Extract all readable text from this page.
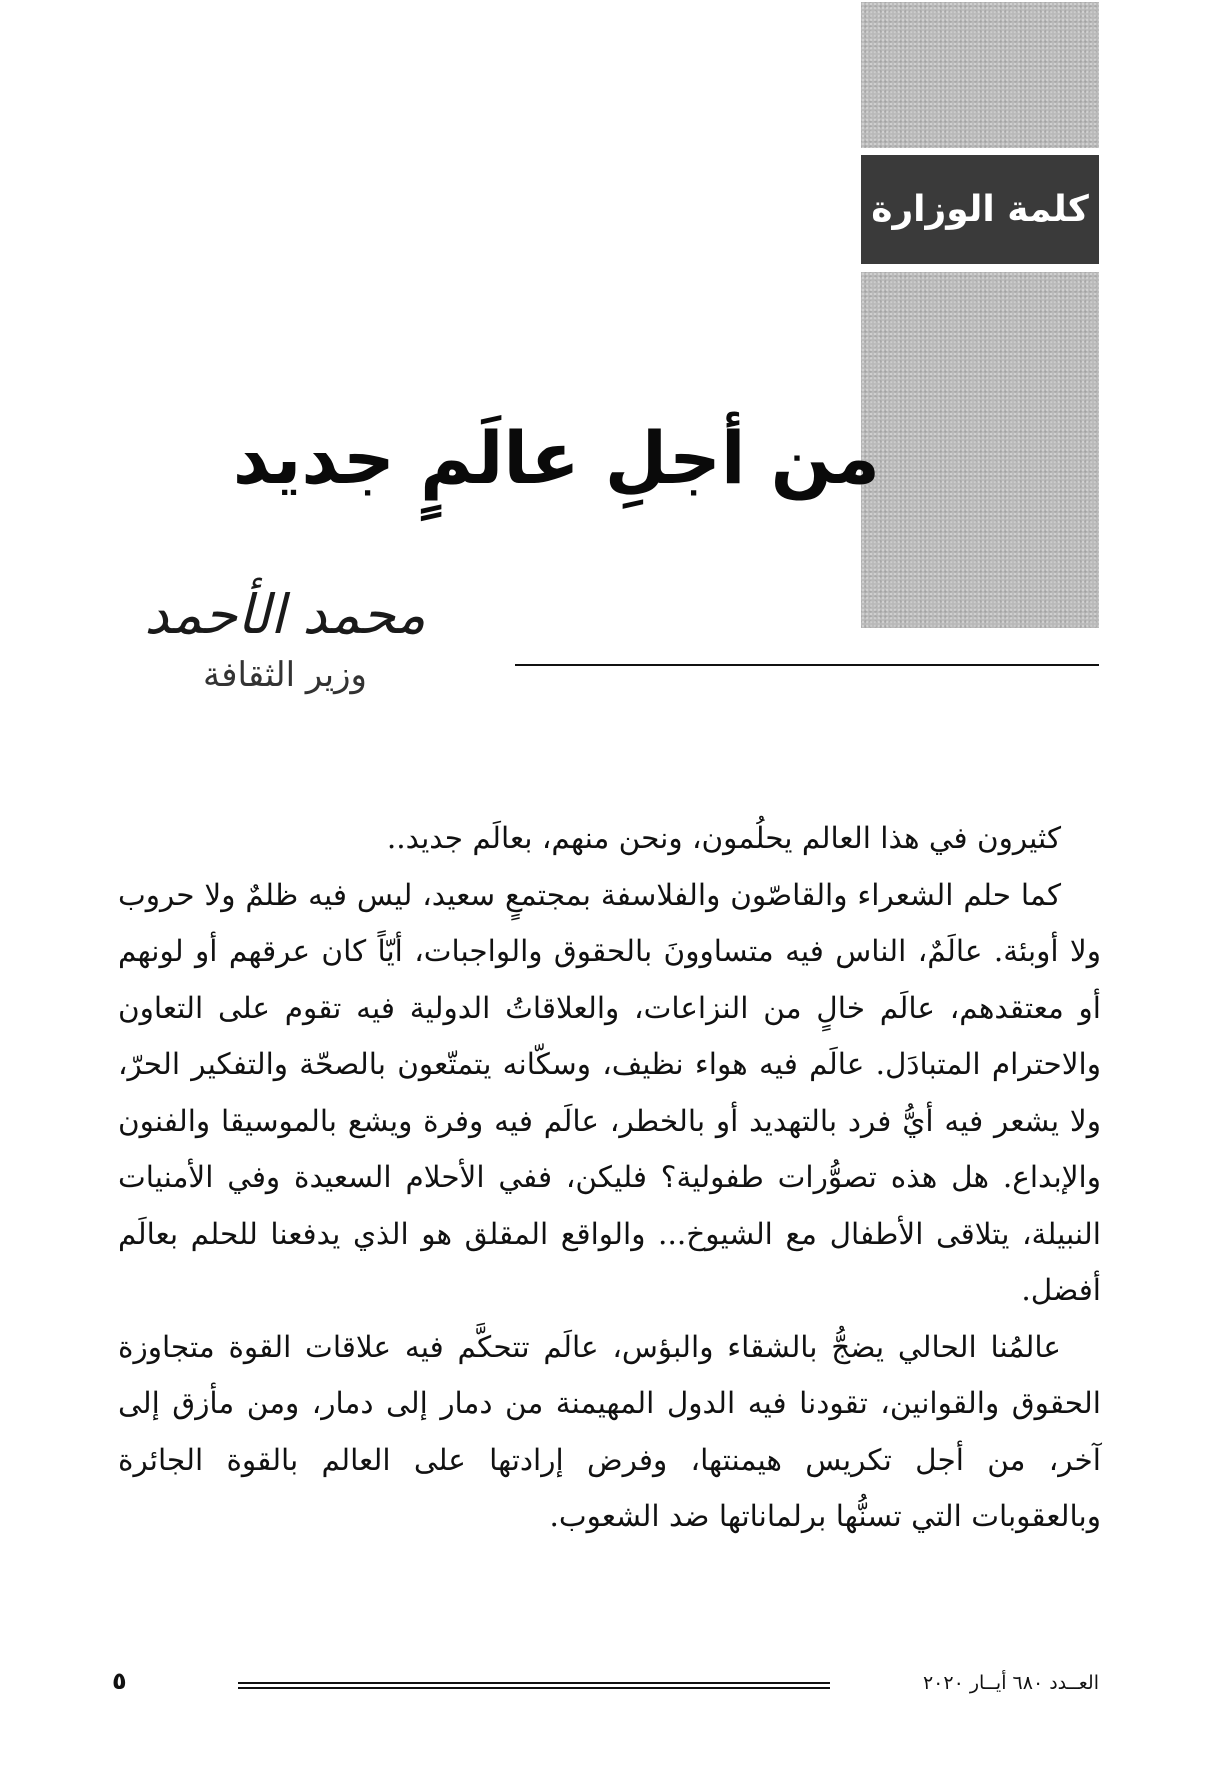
كلمة الوزارة
من أجلِ عالَمٍ جديد
محمد الأحمد
وزير الثقافة

كثيرون في هذا العالم يحلُمون، ونحن منهم، بعالَم جديد..

كما حلم الشعراء والقاصّون والفلاسفة بمجتمعٍ سعيد، ليس فيه ظلمٌ ولا حروب ولا أوبئة. عالَمٌ، الناس فيه متساوونَ بالحقوق والواجبات، أيّاً كان عرقهم أو لونهم أو معتقدهم، عالَم خالٍ من النزاعات، والعلاقاتُ الدولية فيه تقوم على التعاون والاحترام المتبادَل. عالَم فيه هواء نظيف، وسكّانه يتمتّعون بالصحّة والتفكير الحرّ، ولا يشعر فيه أيُّ فرد بالتهديد أو بالخطر، عالَم فيه وفرة ويشع بالموسيقا والفنون والإبداع. هل هذه تصوُّرات طفولية؟ فليكن، ففي الأحلام السعيدة وفي الأمنيات النبيلة، يتلاقى الأطفال مع الشيوخ... والواقع المقلق هو الذي يدفعنا للحلم بعالَم أفضل.

عالمُنا الحالي يضجُّ بالشقاء والبؤس، عالَم تتحكَّم فيه علاقات القوة متجاوزة الحقوق والقوانين، تقودنا فيه الدول المهيمنة من دمار إلى دمار، ومن مأزق إلى آخر، من أجل تكريس هيمنتها، وفرض إرادتها على العالم بالقوة الجائرة وبالعقوبات التي تسنُّها برلماناتها ضد الشعوب.

العــدد ٦٨٠ أيــار ٢٠٢٠
٥
